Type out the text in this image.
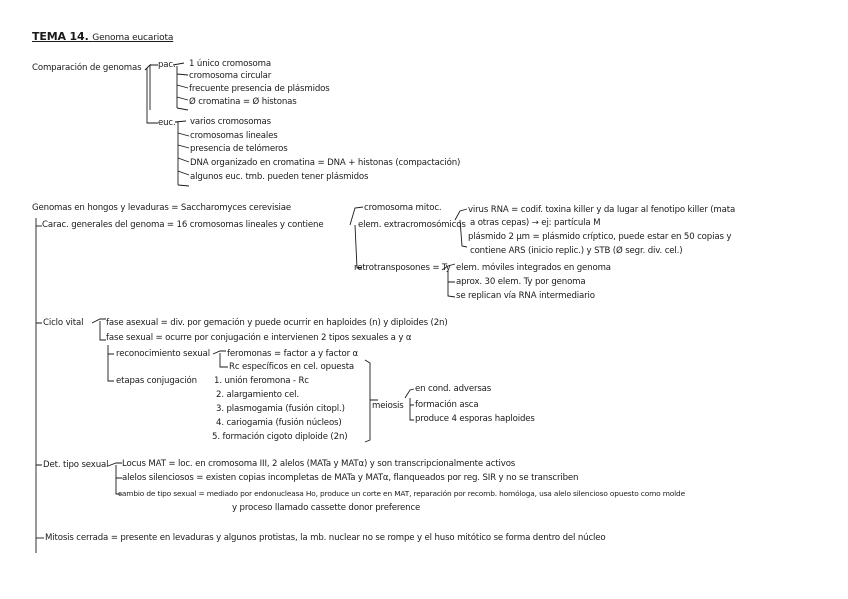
TEMA 14. Genoma eucariota
Comparación de genomas pac. 1 único cromosoma
cromosoma circular
frecuente presencia de plásmidos
Ø cromatina = Ø histonas
euc. varios cromosomas
cromosomas lineales
presencia de telómeros
DNA organizado en cromatina = DNA + histonas (compactación)
algunos euc. tmb. pueden tener plásmidos
Genomas en hongos y levaduras = Saccharomyces cerevisiae
Carac. generales del genoma = 16 cromosomas lineales y contiene
cromosoma mitoc.
elem. extracromosómicos
virus RNA = codif. toxina killer y da lugar al fenotipo killer (mata
a otras cepas) → ej: partícula M
plásmido 2 µm = plásmido críptico, puede estar en 50 copias y
contiene ARS (inicio replic.) y STB (Ø segr. div. cel.)
retrotransposones = Ty elem. móviles integrados en genoma
aprox. 30 elem. Ty por genoma
se replican vía RNA intermediario
Ciclo vital	fase asexual = div. por gemación y puede ocurrir en haploides (n) y diploides (2n)
fase sexual = ocurre por conjugación e intervienen 2 tipos sexuales a y α
reconocimiento sexual feromonas = factor a y factor α
Rc específicos en cel. opuesta
etapas conjugación 1. unión feromona - Rc
2. alargamiento cel.
3. plasmogamia (fusión citopl.)
4. cariogamia (fusión núcleos)
5. formación cigoto diploide (2n)
meiosis
en cond. adversas
formación asca
produce 4 esporas haploides
Det. tipo sexual Locus MAT = loc. en cromosoma III, 2 alelos (MATa y MATα) y son transcripcionalmente activos
alelos silenciosos = existen copias incompletas de MATa y MATα, flanqueados por reg. SIR y no se transcriben
cambio de tipo sexual = mediado por endonucleasa Ho, produce un corte en MAT, reparación por recomb. homóloga, usa alelo silencioso opuesto como molde
y proceso llamado cassette donor preference
Mitosis cerrada = presente en levaduras y algunos protistas, la mb. nuclear no se rompe y el huso mitótico se forma dentro del núcleo
